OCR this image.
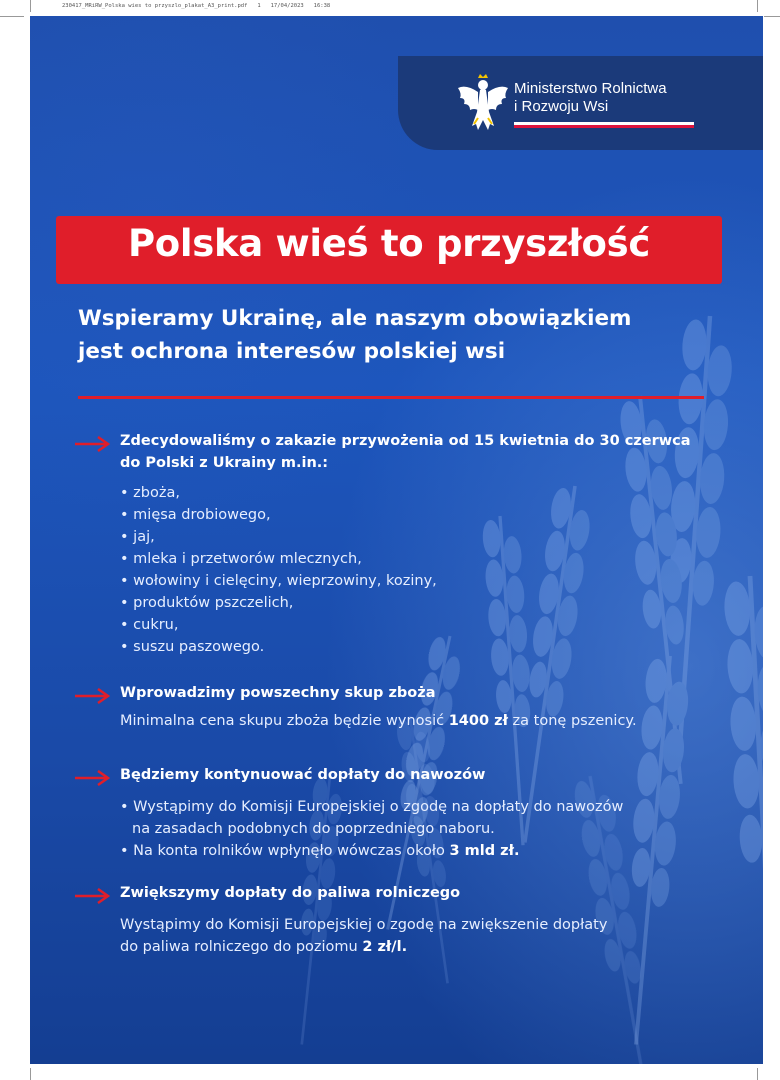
230417_MRiRW_Polska wies to przyszlo_plakat_A3_print.pdf   1   17/04/2023   16:38
Ministerstwo Rolnictwa
i Rozwoju Wsi
Polska wieś to przyszłość
Wspieramy Ukrainę, ale naszym obowiązkiem
jest ochrona interesów polskiej wsi
Zdecydowaliśmy o zakazie przywożenia od 15 kwietnia do 30 czerwca
do Polski z Ukrainy m.in.:
• zboża,
• mięsa drobiowego,
• jaj,
• mleka i przetworów mlecznych,
• wołowiny i cielęciny, wieprzowiny, koziny,
• produktów pszczelich,
• cukru,
• suszu paszowego.
Wprowadzimy powszechny skup zboża
Minimalna cena skupu zboża będzie wynosić 1400 zł za tonę pszenicy.
Będziemy kontynuować dopłaty do nawozów
• Wystąpimy do Komisji Europejskiej o zgodę na dopłaty do nawozów
na zasadach podobnych do poprzedniego naboru.
• Na konta rolników wpłynęło wówczas około 3 mld zł.
Zwiększymy dopłaty do paliwa rolniczego
Wystąpimy do Komisji Europejskiej o zgodę na zwiększenie dopłaty
do paliwa rolniczego do poziomu 2 zł/l.
